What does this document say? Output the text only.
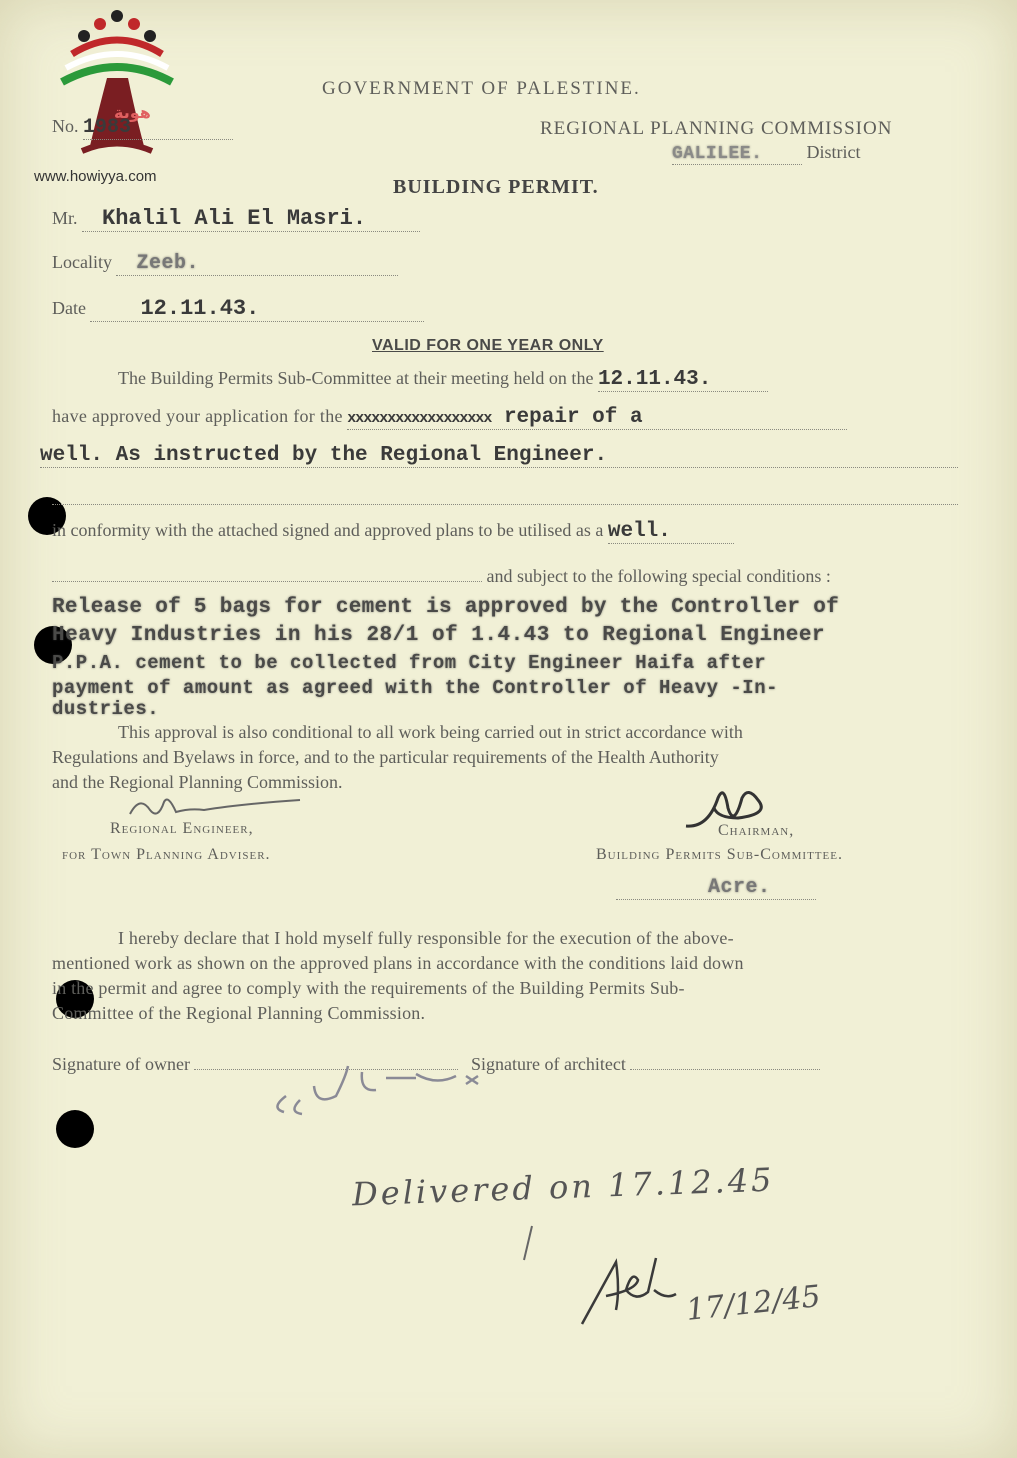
هوية
www.howiyya.com
GOVERNMENT OF PALESTINE.
No. 1983	REGIONAL PLANNING COMMISSION
GALILEE. District
BUILDING PERMIT.
Mr. Khalil Ali El Masri.
Locality Zeeb.
Date 12.11.43.
VALID FOR ONE YEAR ONLY
The Building Permits Sub-Committee at their meeting held on the 12.11.43.
have approved your application for the xxxxxxxxxxxxxxxxxx repair of a
well. As instructed by the Regional Engineer.
in conformity with the attached signed and approved plans to be utilised as a well.
and subject to the following special conditions :
Release of 5 bags for cement is approved by the Controller of
Heavy Industries in his 28/1 of 1.4.43 to Regional Engineer
P.P.A. cement to be collected from City Engineer Haifa after
payment of amount as agreed with the Controller of Heavy -In-
dustries.
This approval is also conditional to all work being carried out in strict accordance with
Regulations and Byelaws in force, and to the particular requirements of the Health Authority
and the Regional Planning Commission.
Regional Engineer,
for Town Planning Adviser.
Chairman,
Building Permits Sub-Committee.
Acre.
I hereby declare that I hold myself fully responsible for the execution of the above-
mentioned work as shown on the approved plans in accordance with the conditions laid down
in the permit and agree to comply with the requirements of the Building Permits Sub-
Committee of the Regional Planning Commission.
Signature of owner	Signature of architect
Delivered on 17.12.45
17/12/45
